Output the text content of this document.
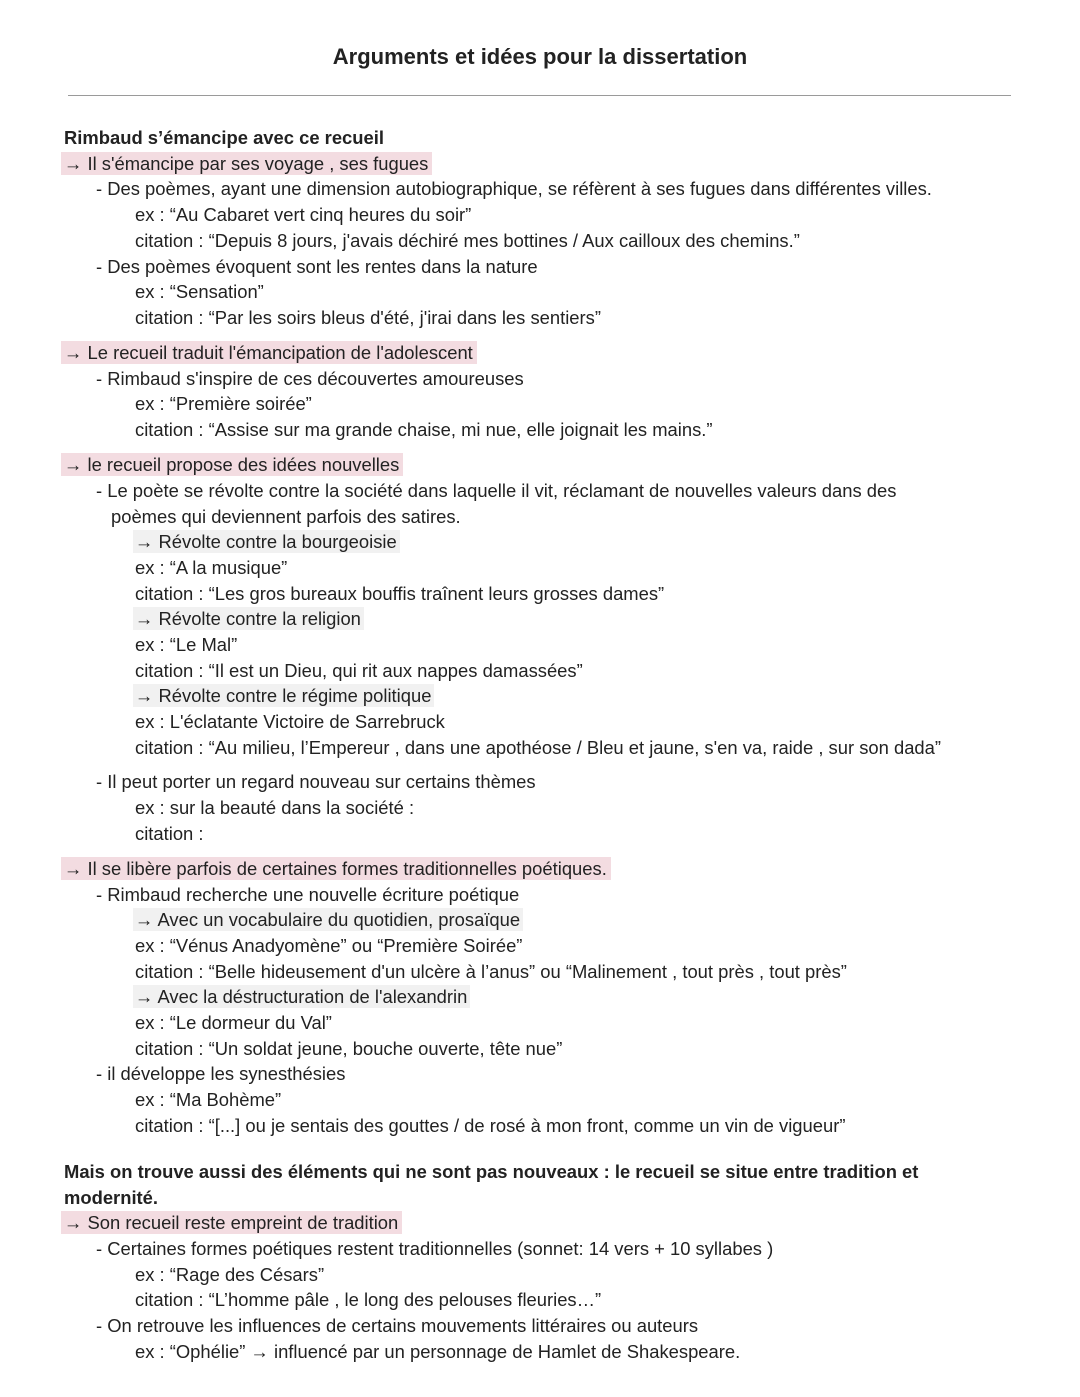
Arguments et idées pour la dissertation
Rimbaud s’émancipe avec ce recueil
→ Il s'émancipe par ses voyage , ses fugues
- Des poèmes, ayant une dimension autobiographique, se réfèrent à ses fugues dans différentes villes.
ex : “Au Cabaret vert cinq heures du soir”
citation : “Depuis 8 jours, j'avais déchiré mes bottines / Aux cailloux des chemins.”
- Des poèmes évoquent sont les rentes dans la nature
ex : “Sensation”
citation : “Par les soirs bleus d'été, j'irai dans les sentiers”
→ Le recueil traduit l'émancipation de l'adolescent
- Rimbaud s'inspire de ces découvertes amoureuses
ex : “Première soirée”
citation : “Assise sur ma grande chaise, mi nue, elle joignait les mains.”
→ le recueil propose des idées nouvelles
- Le poète se révolte contre la société dans laquelle il vit, réclamant de nouvelles valeurs dans des
poèmes qui deviennent parfois des satires.
→ Révolte contre la bourgeoisie
ex : “A la musique”
citation : “Les gros bureaux bouffis traînent leurs grosses dames”
→ Révolte contre la religion
ex : “Le Mal”
citation : “Il est un Dieu, qui rit aux nappes damassées”
→ Révolte contre le régime politique
ex : L'éclatante Victoire de Sarrebruck
citation : “Au milieu, l’Empereur , dans une apothéose / Bleu et jaune, s'en va, raide , sur son dada”
- Il peut porter un regard nouveau sur certains thèmes
ex : sur la beauté dans la société :
citation :
→ Il se libère parfois de certaines formes traditionnelles poétiques.
- Rimbaud recherche une nouvelle écriture poétique
→ Avec un vocabulaire du quotidien, prosaïque
ex : “Vénus Anadyomène” ou “Première Soirée”
citation : “Belle hideusement d'un ulcère à l’anus” ou “Malinement , tout près , tout près”
→ Avec la déstructuration de l'alexandrin
ex : “Le dormeur du Val”
citation : “Un soldat jeune, bouche ouverte, tête nue”
- il développe les synesthésies
ex : “Ma Bohème”
citation : “[...] ou je sentais des gouttes / de rosé à mon front, comme un vin de vigueur”
Mais on trouve aussi des éléments qui ne sont pas nouveaux : le recueil se situe entre tradition et
modernité.
→ Son recueil reste empreint de tradition
- Certaines formes poétiques restent traditionnelles (sonnet: 14 vers + 10 syllabes )
ex : “Rage des Césars”
citation : “L’homme pâle , le long des pelouses fleuries…”
- On retrouve les influences de certains mouvements littéraires ou auteurs
ex : “Ophélie” → influencé par un personnage de Hamlet de Shakespeare.
